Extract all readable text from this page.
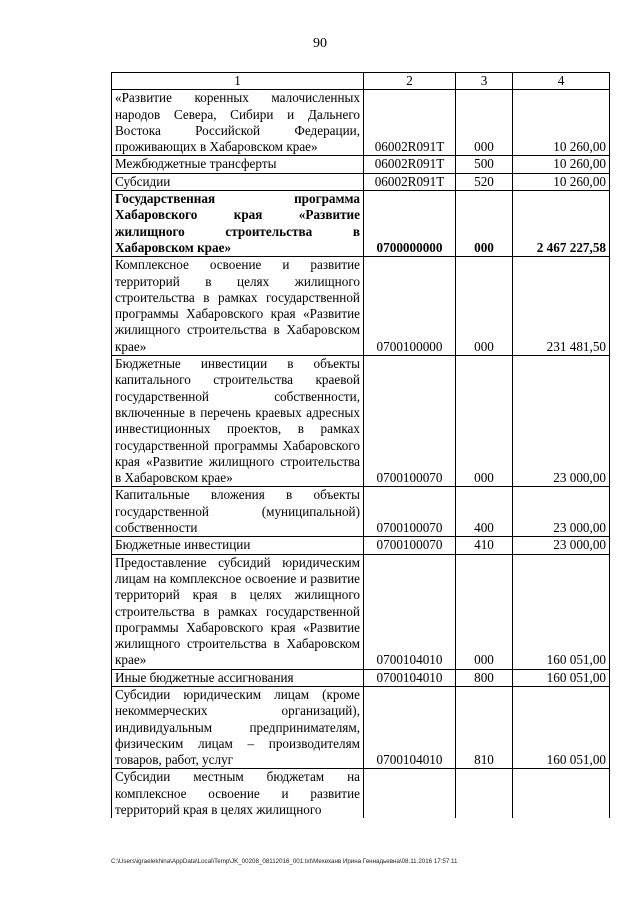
90
1	2	3	4
«Развитие коренных малочисленных народов Севера, Сибири и Дальнего Востока Российской Федерации, проживающих в Хабаровском крае»	06002R091T	000	10 260,00
Межбюджетные трансферты	06002R091T	500	10 260,00
Субсидии	06002R091T	520	10 260,00
Государственная программа Хабаровского края «Развитие жилищного строительства в Хабаровском крае»	0700000000	000	2 467 227,58
Комплексное освоение и развитие территорий в целях жилищного строительства в рамках государственной программы Хабаровского края «Развитие жилищного строительства в Хабаровском крае»	0700100000	000	231 481,50
Бюджетные инвестиции в объекты капитального строительства краевой государственной собственности, включенные в перечень краевых адресных инвестиционных проектов, в рамках государственной программы Хабаровского края «Развитие жилищного строительства в Хабаровском крае»	0700100070	000	23 000,00
Капитальные вложения в объекты государственной (муниципальной) собственности	0700100070	400	23 000,00
Бюджетные инвестиции	0700100070	410	23 000,00
Предоставление субсидий юридическим лицам на комплексное освоение и развитие территорий края в целях жилищного строительства в рамках государственной программы Хабаровского края «Развитие жилищного строительства в Хабаровском крае»	0700104010	000	160 051,00
Иные бюджетные ассигнования	0700104010	800	160 051,00
Субсидии юридическим лицам (кроме некоммерческих организаций), индивидуальным предпринимателям, физическим лицам – производителям товаров, работ, услуг	0700104010	810	160 051,00
Субсидии местным бюджетам на комплексное освоение и развитие территорий края в целях жилищного			
C:\Users\igraelekhina\AppData\Local\Temp\JK_00208_08112016_001.txt\Мехеханв Ирина Геннадьевна\08.11.2016 17:57:11
